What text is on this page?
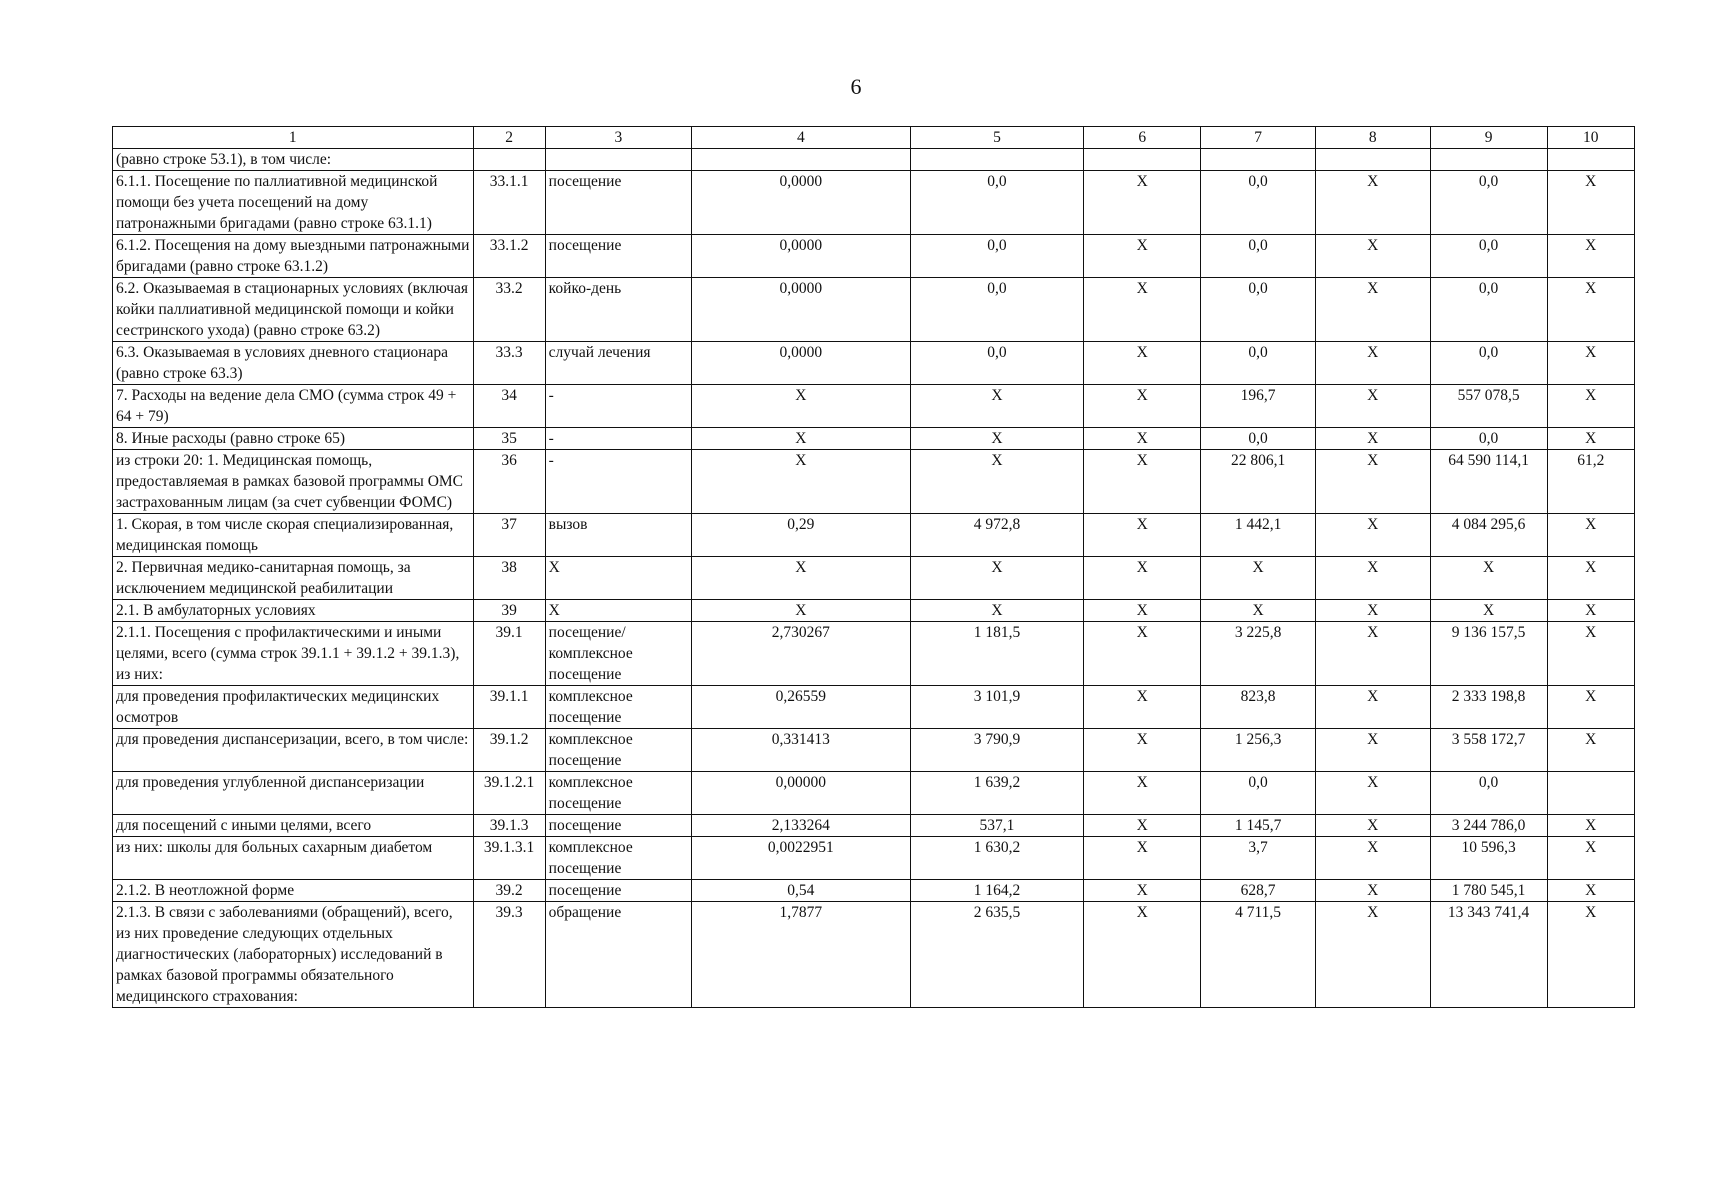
6
1	2	3	4	5	6	7	8	9	10
(равно строке 53.1), в том числе:									
6.1.1. Посещение по паллиативной медицинской помощи без учета посещений на дому патронажными бригадами (равно строке 63.1.1)	33.1.1	посещение	0,0000	0,0	X	0,0	X	0,0	X
6.1.2. Посещения на дому выездными патронажными бригадами (равно строке 63.1.2)	33.1.2	посещение	0,0000	0,0	X	0,0	X	0,0	X
6.2. Оказываемая в стационарных условиях (включая койки паллиативной медицинской помощи и койки сестринского ухода) (равно строке 63.2)	33.2	койко-день	0,0000	0,0	X	0,0	X	0,0	X
6.3. Оказываемая в условиях дневного стационара (равно строке 63.3)	33.3	случай лечения	0,0000	0,0	X	0,0	X	0,0	X
7. Расходы на ведение дела СМО (сумма строк 49 + 64 + 79)	34	-	X	X	X	196,7	X	557 078,5	X
8. Иные расходы (равно строке 65)	35	-	X	X	X	0,0	X	0,0	X
из строки 20: 1. Медицинская помощь, предоставляемая в рамках базовой программы ОМС застрахованным лицам (за счет субвенции ФОМС)	36	-	X	X	X	22 806,1	X	64 590 114,1	61,2
1. Скорая, в том числе скорая специализированная, медицинская помощь	37	вызов	0,29	4 972,8	X	1 442,1	X	4 084 295,6	X
2. Первичная медико-санитарная помощь, за исключением медицинской реабилитации	38	X	X	X	X	X	X	X	X
2.1. В амбулаторных условиях	39	X	X	X	X	X	X	X	X
2.1.1. Посещения с профилактическими и иными целями, всего (сумма строк 39.1.1 + 39.1.2 + 39.1.3), из них:	39.1	посещение/ комплексное посещение	2,730267	1 181,5	X	3 225,8	X	9 136 157,5	X
для проведения профилактических медицинских осмотров	39.1.1	комплексное посещение	0,26559	3 101,9	X	823,8	X	2 333 198,8	X
для проведения диспансеризации, всего, в том числе:	39.1.2	комплексное посещение	0,331413	3 790,9	X	1 256,3	X	3 558 172,7	X
для проведения углубленной диспансеризации	39.1.2.1	комплексное посещение	0,00000	1 639,2	X	0,0	X	0,0	
для посещений с иными целями, всего	39.1.3	посещение	2,133264	537,1	X	1 145,7	X	3 244 786,0	X
из них: школы для больных сахарным диабетом	39.1.3.1	комплексное посещение	0,0022951	1 630,2	X	3,7	X	10 596,3	X
2.1.2. В неотложной форме	39.2	посещение	0,54	1 164,2	X	628,7	X	1 780 545,1	X
2.1.3. В связи с заболеваниями (обращений), всего, из них проведение следующих отдельных диагностических (лабораторных) исследований в рамках базовой программы обязательного медицинского страхования:	39.3	обращение	1,7877	2 635,5	X	4 711,5	X	13 343 741,4	X
